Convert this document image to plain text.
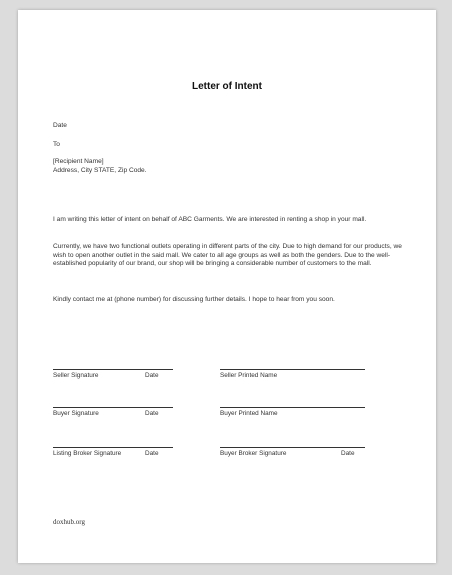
Letter of Intent
Date
To
[Recipient Name]
Address, City STATE, Zip Code.

I am writing this letter of intent on behalf of ABC Garments. We are interested in renting a shop in your mall.

Currently, we have two functional outlets operating in different parts of the city. Due to high demand for our products, we wish to open another outlet in the said mall. We cater to all age groups as well as both the genders. Due to the well-established popularity of our brand, our shop will be bringing a considerable number of customers to the mall.

Kindly contact me at (phone number) for discussing further details. I hope to hear from you soon.

Seller Signature	Date	Seller Printed Name
Buyer Signature	Date	Buyer Printed Name
Listing Broker Signature	Date	Buyer Broker Signature	Date
doxhub.org
